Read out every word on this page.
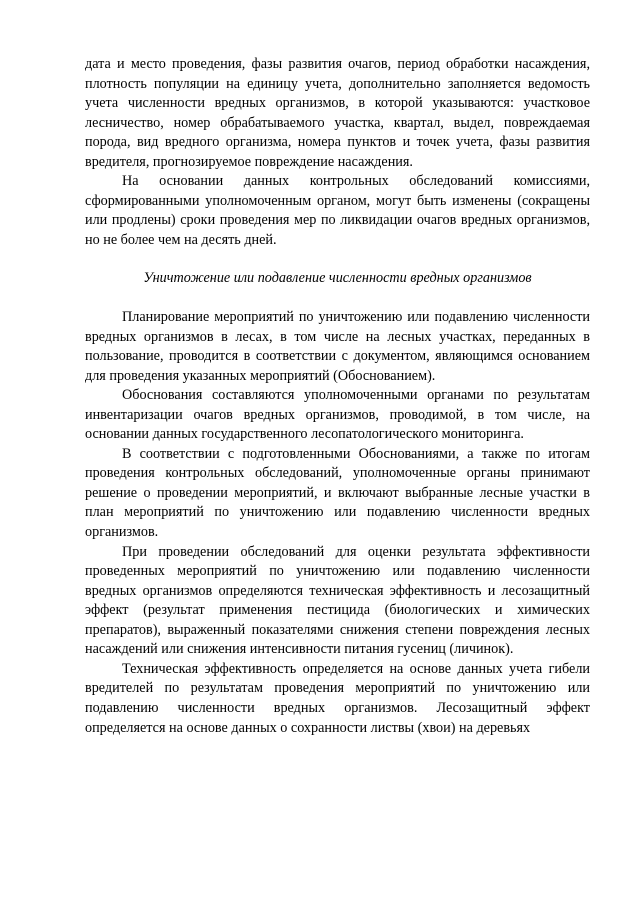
дата и место проведения, фазы развития очагов, период обработки насаждения, плотность популяции на единицу учета, дополнительно заполняется ведомость учета численности вредных организмов, в которой указываются: участковое лесничество, номер обрабатываемого участка, квартал, выдел, повреждаемая порода, вид вредного организма, номера пунктов и точек учета, фазы развития вредителя, прогнозируемое повреждение насаждения.

На основании данных контрольных обследований комиссиями, сформированными уполномоченным органом, могут быть изменены (сокращены или продлены) сроки проведения мер по ликвидации очагов вредных организмов, но не более чем на десять дней.

Уничтожение или подавление численности вредных организмов

Планирование мероприятий по уничтожению или подавлению численности вредных организмов в лесах, в том числе на лесных участках, переданных в пользование, проводится в соответствии с документом, являющимся основанием для проведения указанных мероприятий (Обоснованием).

Обоснования составляются уполномоченными органами по результатам инвентаризации очагов вредных организмов, проводимой, в том числе, на основании данных государственного лесопатологического мониторинга.

В соответствии с подготовленными Обоснованиями, а также по итогам проведения контрольных обследований, уполномоченные органы принимают решение о проведении мероприятий, и включают выбранные лесные участки в план мероприятий по уничтожению или подавлению численности вредных организмов.

При проведении обследований для оценки результата эффективности проведенных мероприятий по уничтожению или подавлению численности вредных организмов определяются техническая эффективность и лесозащитный эффект (результат применения пестицида (биологических и химических препаратов), выраженный показателями снижения степени повреждения лесных насаждений или снижения интенсивности питания гусениц (личинок).

Техническая эффективность определяется на основе данных учета гибели вредителей по результатам проведения мероприятий по уничтожению или подавлению численности вредных организмов. Лесозащитный эффект определяется на основе данных о сохранности листвы (хвои) на деревьях
